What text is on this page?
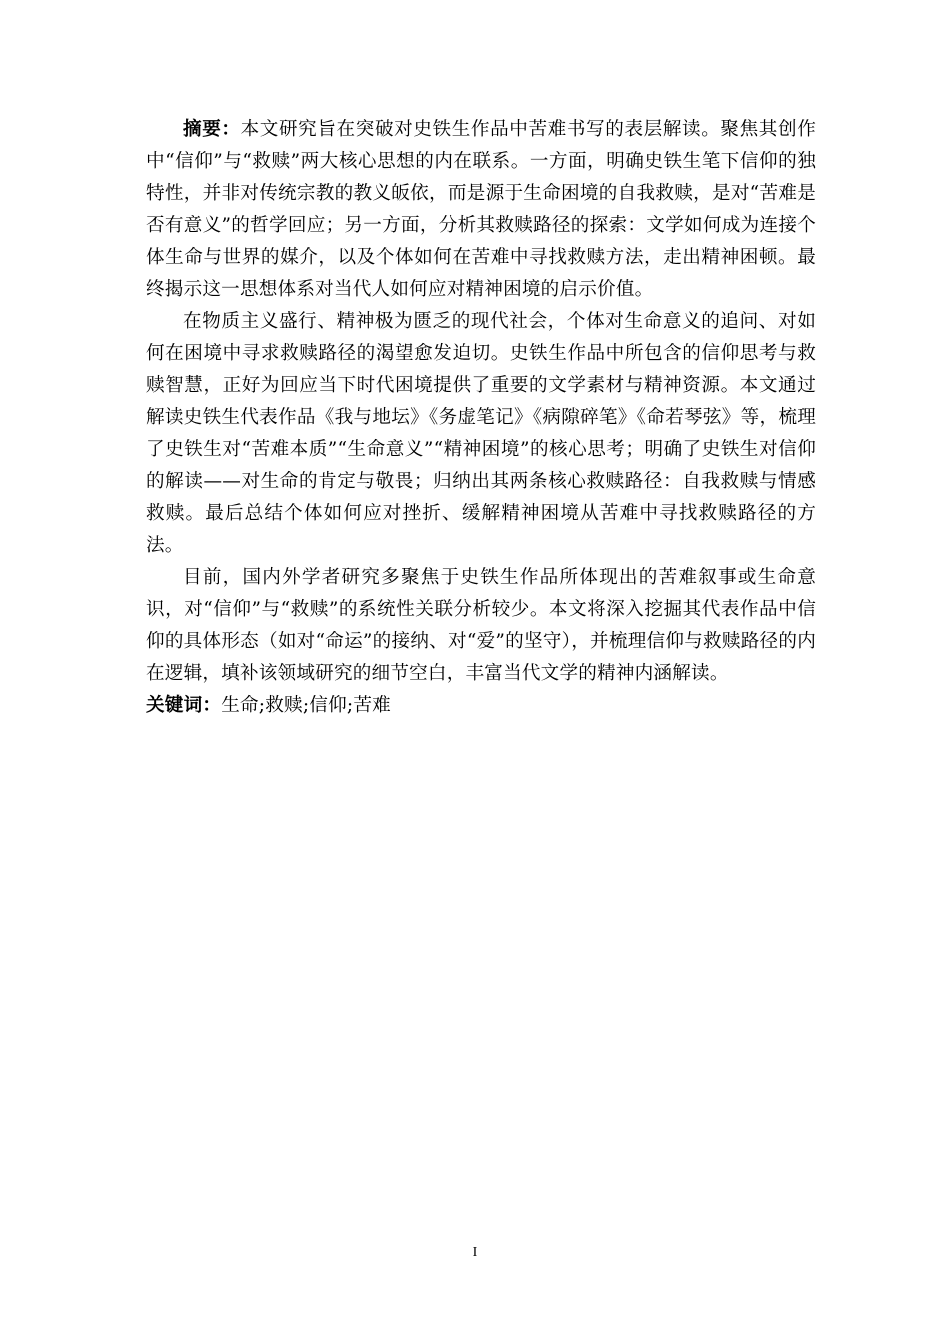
摘要：本文研究旨在突破对史铁生作品中苦难书写的表层解读。聚焦其创作中“信仰”与“救赎”两大核心思想的内在联系。一方面，明确史铁生笔下信仰的独特性，并非对传统宗教的教义皈依，而是源于生命困境的自我救赎，是对“苦难是否有意义”的哲学回应；另一方面，分析其救赎路径的探索：文学如何成为连接个体生命与世界的媒介，以及个体如何在苦难中寻找救赎方法，走出精神困顿。最终揭示这一思想体系对当代人如何应对精神困境的启示价值。

在物质主义盛行、精神极为匮乏的现代社会，个体对生命意义的追问、对如何在困境中寻求救赎路径的渴望愈发迫切。史铁生作品中所包含的信仰思考与救赎智慧，正好为回应当下时代困境提供了重要的文学素材与精神资源。本文通过解读史铁生代表作品《我与地坛》《务虚笔记》《病隙碎笔》《命若琴弦》等，梳理了史铁生对“苦难本质”“生命意义”“精神困境”的核心思考；明确了史铁生对信仰的解读——对生命的肯定与敬畏；归纳出其两条核心救赎路径：自我救赎与情感救赎。最后总结个体如何应对挫折、缓解精神困境从苦难中寻找救赎路径的方法。

目前，国内外学者研究多聚焦于史铁生作品所体现出的苦难叙事或生命意识，对“信仰”与“救赎”的系统性关联分析较少。本文将深入挖掘其代表作品中信仰的具体形态（如对“命运”的接纳、对“爱”的坚守），并梳理信仰与救赎路径的内在逻辑，填补该领域研究的细节空白，丰富当代文学的精神内涵解读。

关键词：生命;救赎;信仰;苦难

I
